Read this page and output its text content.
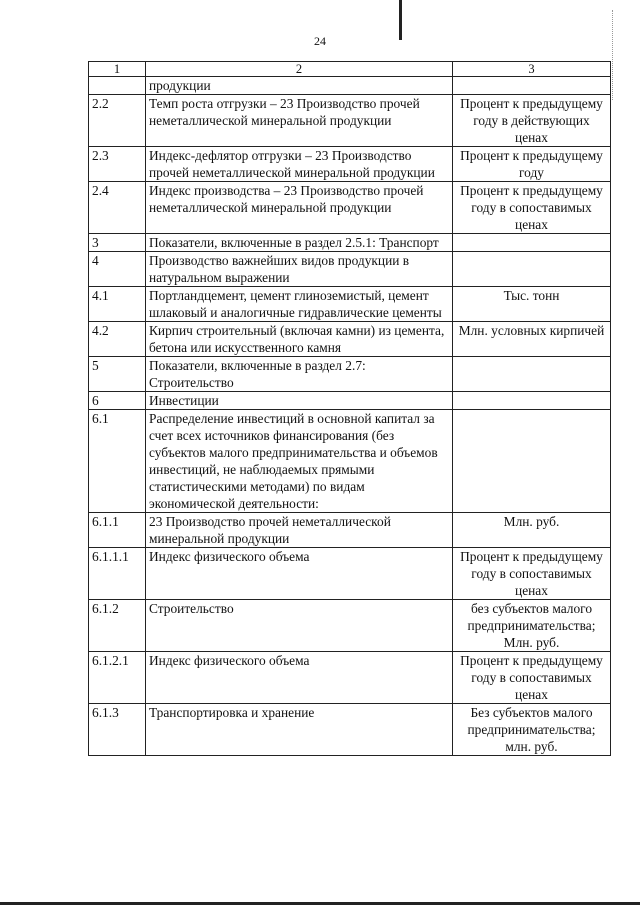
24
1	2	3
	продукции	
2.2	Темп роста отгрузки – 23 Производство прочей неметаллической минеральной продукции	Процент к предыдущему году в действующих ценах
2.3	Индекс-дефлятор отгрузки – 23 Производство прочей неметаллической минеральной продукции	Процент к предыдущему году
2.4	Индекс производства – 23 Производство прочей неметаллической минеральной продукции	Процент к предыдущему году в сопоставимых ценах
3	Показатели, включенные в раздел 2.5.1: Транспорт	
4	Производство важнейших видов продукции в натуральном выражении	
4.1	Портландцемент, цемент глиноземистый, цемент шлаковый и аналогичные гидравлические цементы	Тыс. тонн
4.2	Кирпич строительный (включая камни) из цемента, бетона или искусственного камня	Млн. условных кирпичей
5	Показатели, включенные в раздел 2.7: Строительство	
6	Инвестиции	
6.1	Распределение инвестиций в основной капитал за счет всех источников финансирования (без субъектов малого предпринимательства и объемов инвестиций, не наблюдаемых прямыми статистическими методами) по видам экономической деятельности:	
6.1.1	23 Производство прочей неметаллической минеральной продукции	Млн. руб.
6.1.1.1	Индекс физического объема	Процент к предыдущему году в сопоставимых ценах
6.1.2	Строительство	без субъектов малого предпринимательства; Млн. руб.
6.1.2.1	Индекс физического объема	Процент к предыдущему году в сопоставимых ценах
6.1.3	Транспортировка и хранение	Без субъектов малого предпринимательства; млн. руб.
